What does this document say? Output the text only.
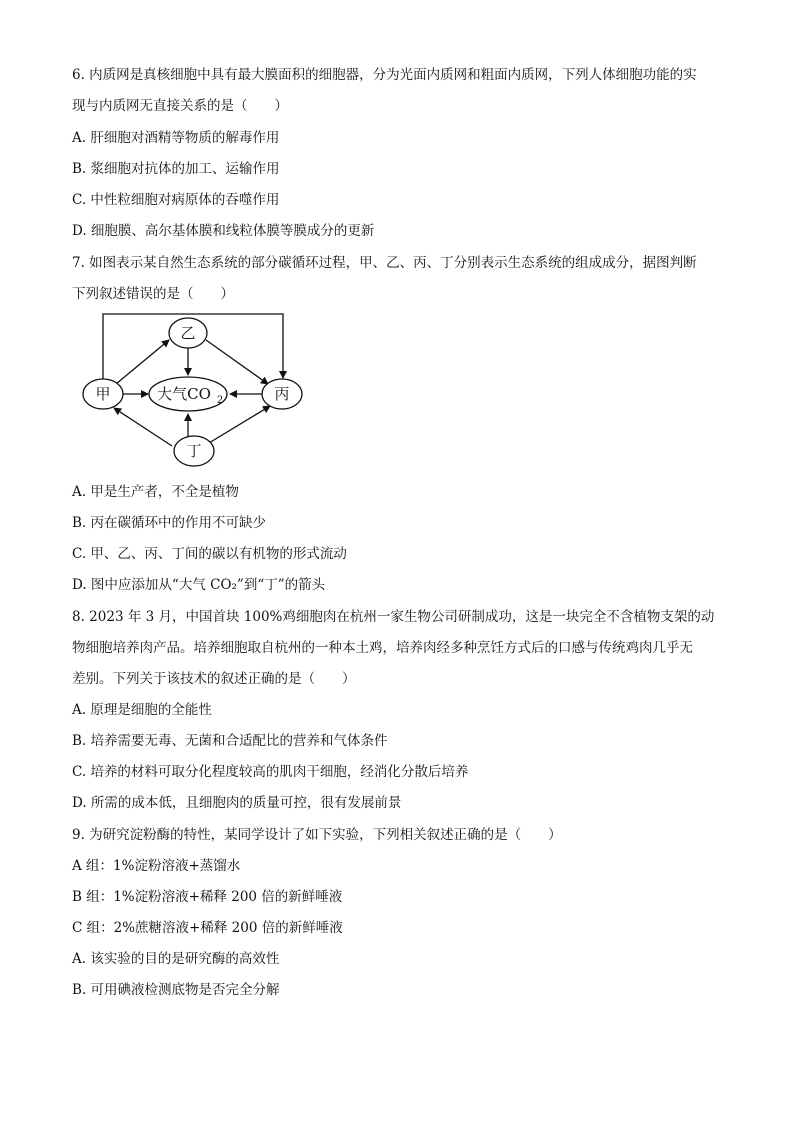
6. 内质网是真核细胞中具有最大膜面积的细胞器，分为光面内质网和粗面内质网，下列人体细胞功能的实
现与内质网无直接关系的是（　　）
A. 肝细胞对酒精等物质的解毒作用
B. 浆细胞对抗体的加工、运输作用
C. 中性粒细胞对病原体的吞噬作用
D. 细胞膜、高尔基体膜和线粒体膜等膜成分的更新
7. 如图表示某自然生态系统的部分碳循环过程，甲、乙、丙、丁分别表示生态系统的组成成分，据图判断
下列叙述错误的是（　　）
甲
乙
丙
丁
大气CO 2
A. 甲是生产者，不全是植物
B. 丙在碳循环中的作用不可缺少
C. 甲、乙、丙、丁间的碳以有机物的形式流动
D. 图中应添加从“大气 CO₂”到“丁”的箭头
8. 2023 年 3 月，中国首块 100%鸡细胞肉在杭州一家生物公司研制成功，这是一块完全不含植物支架的动
物细胞培养肉产品。培养细胞取自杭州的一种本土鸡，培养肉经多种烹饪方式后的口感与传统鸡肉几乎无
差别。下列关于该技术的叙述正确的是（　　）
A. 原理是细胞的全能性
B. 培养需要无毒、无菌和合适配比的营养和气体条件
C. 培养的材料可取分化程度较高的肌肉干细胞，经消化分散后培养
D. 所需的成本低，且细胞肉的质量可控，很有发展前景
9. 为研究淀粉酶的特性，某同学设计了如下实验，下列相关叙述正确的是（　　）
A 组：1%淀粉溶液+蒸馏水
B 组：1%淀粉溶液+稀释 200 倍的新鲜唾液
C 组：2%蔗糖溶液+稀释 200 倍的新鲜唾液
A. 该实验的目的是研究酶的高效性
B. 可用碘液检测底物是否完全分解
